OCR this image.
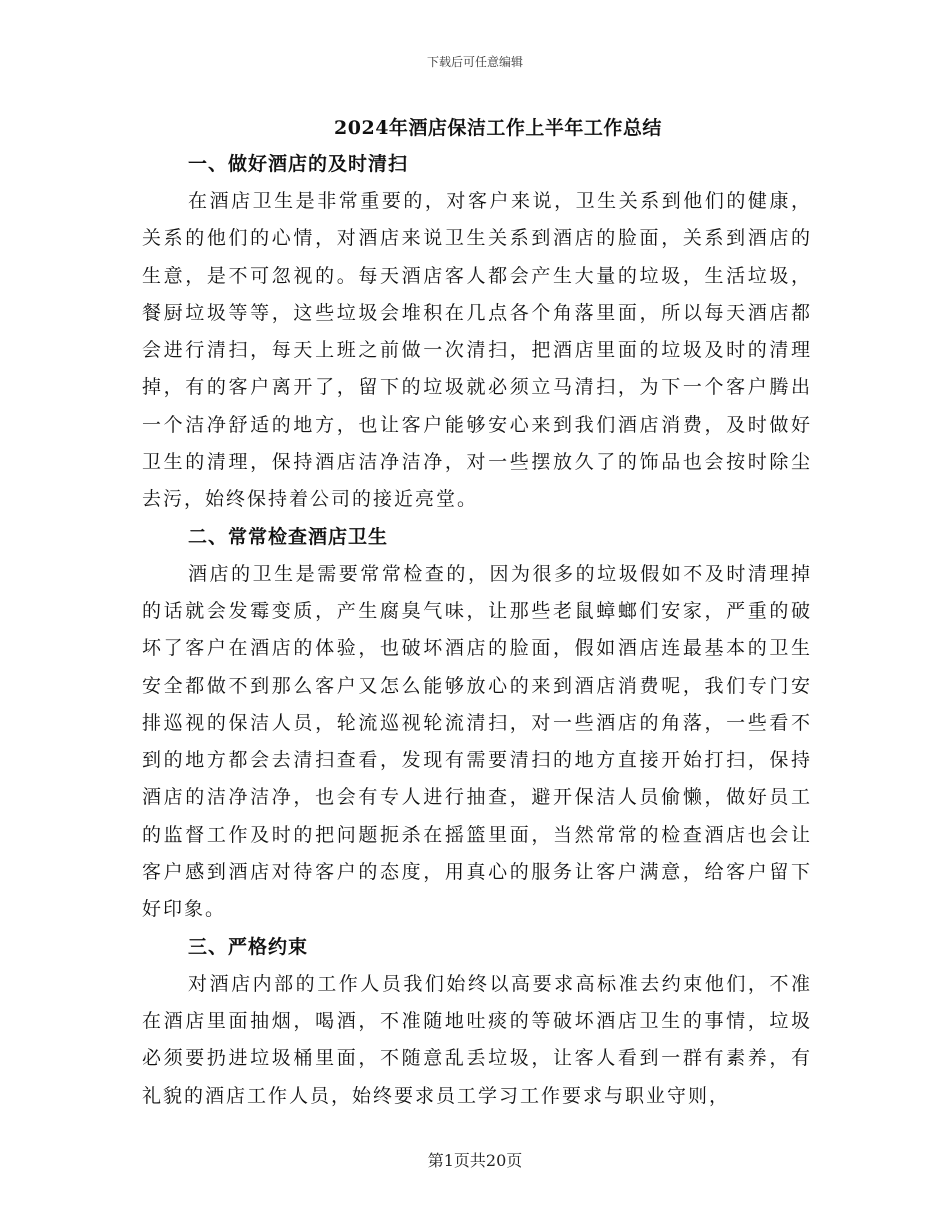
下载后可任意编辑
2024年酒店保洁工作上半年工作总结
一、做好酒店的及时清扫

在酒店卫生是非常重要的，对客户来说，卫生关系到他们的健康，关系的他们的心情，对酒店来说卫生关系到酒店的脸面，关系到酒店的生意，是不可忽视的。每天酒店客人都会产生大量的垃圾，生活垃圾，餐厨垃圾等等，这些垃圾会堆积在几点各个角落里面，所以每天酒店都会进行清扫，每天上班之前做一次清扫，把酒店里面的垃圾及时的清理掉，有的客户离开了，留下的垃圾就必须立马清扫，为下一个客户腾出一个洁净舒适的地方，也让客户能够安心来到我们酒店消费，及时做好卫生的清理，保持酒店洁净洁净，对一些摆放久了的饰品也会按时除尘去污，始终保持着公司的接近亮堂。

二、常常检查酒店卫生

酒店的卫生是需要常常检查的，因为很多的垃圾假如不及时清理掉的话就会发霉变质，产生腐臭气味，让那些老鼠蟑螂们安家，严重的破坏了客户在酒店的体验，也破坏酒店的脸面，假如酒店连最基本的卫生安全都做不到那么客户又怎么能够放心的来到酒店消费呢，我们专门安排巡视的保洁人员，轮流巡视轮流清扫，对一些酒店的角落，一些看不到的地方都会去清扫查看，发现有需要清扫的地方直接开始打扫，保持酒店的洁净洁净，也会有专人进行抽查，避开保洁人员偷懒，做好员工的监督工作及时的把问题扼杀在摇篮里面，当然常常的检查酒店也会让客户感到酒店对待客户的态度，用真心的服务让客户满意，给客户留下好印象。

三、严格约束

对酒店内部的工作人员我们始终以高要求高标准去约束他们，不准在酒店里面抽烟，喝酒，不准随地吐痰的等破坏酒店卫生的事情，垃圾必须要扔进垃圾桶里面，不随意乱丢垃圾，让客人看到一群有素养，有礼貌的酒店工作人员，始终要求员工学习工作要求与职业守则，

第1页共20页
